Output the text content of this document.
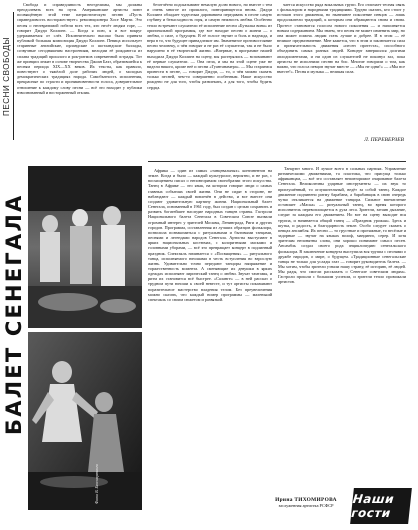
ПЕСНИ СВОБОДЫ

Свобода и справедливость неотделимы, мы должны преодолевать всех на пути. Американские артисты поют посвящённую этой теме патриотическую песню «Пусть справедливость восторжествует» революционера Хосе Марти. Это песня о неотвратимой гибели всех тех, кто несёт людям горе, — говорит Джуди Коллинз. — Когда я пою, я и все вокруг удерживаемся от слёз. Исключительно высоко была принята публикой большая композиция Джуди Коллинз. Певица использует старинные английские, ирландские и шотландские баллады, созвучные сегодняшним настроениям, мелодии её рождаются из сплава традиций прошлого и рок-ритмов современной эстрады. Тот же принцип лежит в основе творчества Джоан Баэз, обратившейся к песням периода XIX—XX веков. Их тексты, как правило, повествуют о тяжёлой доле рабочих людей, о молодых демократических традициях народа. Самобытность исполнения, прекрасные по страсти и проникновенности голоса, доверительное отношение к каждому слову песни — всё это находит у публики взволнованный и восторженный отклик.

безотчётно подсказывают немалую долю нового, но вместе с тем и очень многое из прошлого, повторяющегося вновь. Джуди Коллинз обладает чудесным дарованием передавать в песне самую глубину и безысходность горя, и самую нежность любви. Особенно тепло встречают слушатели её исполнение песни «Бутылка вина» из оригинальной программы, где все находят песню о жизни — о любви, о силе, о будущем. В её голосе звучит и боль и надежда, и вера в то, что будущее принадлежит им. Знаменитое противостояние песни человеку, о чём говорят и не раз её слушатели, так и не было нарушено в её творческой жизни. «Впервые, в программе нашей выходила Джуди Коллинз на сцену, мы растерялись — вспоминают её первые слушатели. — Она пела, и мы на этой сцене уже не видели никого, кроме неё и песни «Гуантанамера». — Мы стараемся принести в песне, — говорит Джуди, — то, о чём можно сказать только песней, чем-то совершенно особенным. Наше искусство рождено не для того, чтобы развлекать, а для того, чтобы будить сердца.

чается искусство ряда вокальных групп. Его отличает тесная связь с фольклором и народными традициями. Трудно сказать, кто стоит у истоков этого движения, но нынешнее поколение певцов — лишь продолжатели традиций, к которым они обращаются снова и снова. Протест становится голосом нового поколения — и наполняется новым содержанием. Мы знаем, что песня не может изменить мир, но она может помочь людям стать лучше и добрее. И в этом — её великое предназначение. Мне кажется, что в этом и заключается сила и притягательность движения «песен протеста», способного объединить самых разных людей. Концерт завершился долгими аплодисментами, и ни один из слушателей не покинул зал, пока артисты не исполнили песню на бис. Многие говорили о том, как важно, что голоса певцов звучат вместе — «Мы не одни!» — «Мы все вместе!». Песня и музыка — великая сила.

Л. ПЕРЕВЕРЗЕВ
БАЛЕТ СЕНЕГАЛА
Фото В. Бессмертного

Африка — один из самых «танцевальных» континентов на земле. Когда и было — каждый культуролог, вероятно, и не раз, с восхищением писал о неповторимом своеобразии этого искусства. Танец в Африке — это язык, на котором говорят люди о самых главных событиях своей жизни. Они не сидят в стороне, не наблюдают — каждый вовлечён в действо, и все вместе они создают удивительную картину жизни. Национальный балет Сенегала, основанный в 1961 году, был создан с целью сохранить и развить богатейшее наследие народных танцев страны. Гастроли Национального балета Сенегала в Советском Союзе вызвали огромный интерес у зрителей Москвы, Ленинграда, Риги и других городов. Программа, составленная из лучших образцов фольклора, позволила познакомиться с ритуальными и бытовыми танцами, песнями и легендами народов Сенегала. Артисты выступают в ярких национальных костюмах, с колоритными масками и головными уборами, — всё это превращает концерт в подлинный праздник. Спектакль начинается с «Посвящения» — ритуального танца, исполняемого юношами в честь вступления во взрослую жизнь. Удивительно точно передают танцоры напряжение и торжественность момента. А сменяющие их девушки в ярких одеждах исполняют лирический танец о любви. Звучат тамтамы, и ритм их становится всё быстрее. «Саланге» — в ней рассказ о трудном пути юноши к своей невесте, и тут артисты показывают поразительное мастерство владения телом. Без преувеличения можно сказать, что каждый номер программы — маленький спектакль со своим сюжетом и развязкой.

Танцуют много. И лучше всего в сольных партиях. Управление ритмическими движениями, та пластика, что присуща только африканцам, — всё это составляет неповторимое очарование балета Сенегала. Великолепны ударные инструменты — их звук то приглушённый, то оглушительный, ведёт за собой танец. Каждое движение подчинено ритму барабана, а барабанщик в свою очередь чутко откликается на движение танцора. Сильное впечатление оставляет «Маска» — ритуальный танец, во время которого исполнитель перевоплощается в духа леса. Зрители, затаив дыхание, следят за каждым его движением. Но вот на сцену выходит вся труппа, и начинается общий танец — «Праздник урожая». Здесь и шутка, и радость, и благодарность земле. Особо следует сказать о певцах ансамбля. Их песни — то грустные и протяжные, то весёлые и задорные — звучат на языках волоф, мандинго, серер. И хотя зрителям непонятны слова, они хорошо понимают смысл песен. Ансамбль создал своего рода энциклопедию сенегальского фольклора. В заключение концерта выступила вся труппа с песнями о дружбе народов, о мире, о будущем. «Традиционные сенегальские танцы не только для услады глаз — говорит руководитель балета. — Мы хотим, чтобы зрители узнали нашу страну, её историю, её людей. Мы рады, что смогли рассказать о Сенегале советским людям». Гастроли прошли с большим успехом, и зрители тепло провожали артистов.

Ирина ТИХОМИРОВА
заслуженная артистка РСФСР	Наши гости
